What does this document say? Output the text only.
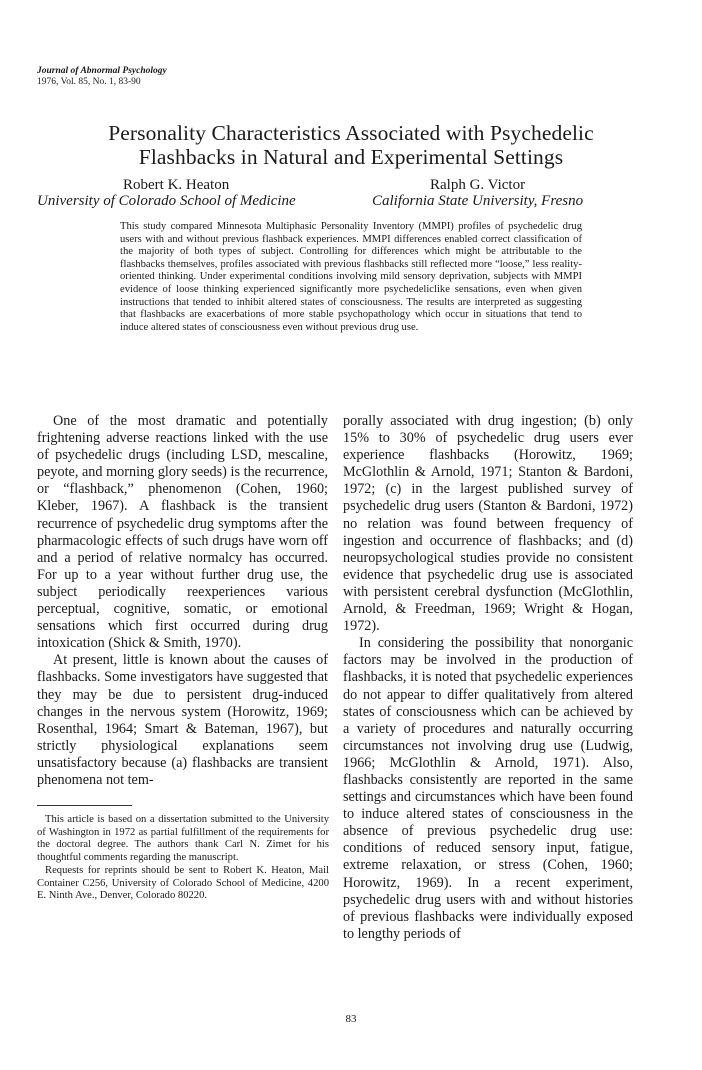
Journal of Abnormal Psychology
1976, Vol. 85, No. 1, 83-90
Personality Characteristics Associated with Psychedelic
Flashbacks in Natural and Experimental Settings
Robert K. Heaton	Ralph G. Victor
University of Colorado School of Medicine	California State University, Fresno
This study compared Minnesota Multiphasic Personality Inventory (MMPI) profiles of psychedelic drug users with and without previous flashback experiences. MMPI differences enabled correct classification of the majority of both types of subject. Controlling for differences which might be attributable to the flashbacks themselves, profiles associated with previous flashbacks still reflected more “loose,” less reality-oriented thinking. Under experimental conditions involving mild sensory deprivation, subjects with MMPI evidence of loose thinking experienced significantly more psychedeliclike sensations, even when given instructions that tended to inhibit altered states of consciousness. The results are interpreted as suggesting that flashbacks are exacerbations of more stable psychopathology which occur in situations that tend to induce altered states of consciousness even without previous drug use.

One of the most dramatic and potentially frightening adverse reactions linked with the use of psychedelic drugs (including LSD, mescaline, peyote, and morning glory seeds) is the recurrence, or “flashback,” phenomenon (Cohen, 1960; Kleber, 1967). A flashback is the transient recurrence of psychedelic drug symptoms after the pharmacologic effects of such drugs have worn off and a period of relative normalcy has occurred. For up to a year without further drug use, the subject periodically reexperiences various perceptual, cognitive, somatic, or emotional sensations which first occurred during drug intoxication (Shick & Smith, 1970).

At present, little is known about the causes of flashbacks. Some investigators have suggested that they may be due to persistent drug-induced changes in the nervous system (Horowitz, 1969; Rosenthal, 1964; Smart & Bateman, 1967), but strictly physiological explanations seem unsatisfactory because (a) flashbacks are transient phenomena not tem-

This article is based on a dissertation submitted to the University of Washington in 1972 as partial fulfillment of the requirements for the doctoral degree. The authors thank Carl N. Zimet for his thoughtful comments regarding the manuscript.

Requests for reprints should be sent to Robert K. Heaton, Mail Container C256, University of Colorado School of Medicine, 4200 E. Ninth Ave., Denver, Colorado 80220.

porally associated with drug ingestion; (b) only 15% to 30% of psychedelic drug users ever experience flashbacks (Horowitz, 1969; McGlothlin & Arnold, 1971; Stanton & Bardoni, 1972; (c) in the largest published survey of psychedelic drug users (Stanton & Bardoni, 1972) no relation was found between frequency of ingestion and occurrence of flashbacks; and (d) neuropsychological studies provide no consistent evidence that psychedelic drug use is associated with persistent cerebral dysfunction (McGlothlin, Arnold, & Freedman, 1969; Wright & Hogan, 1972).

In considering the possibility that nonorganic factors may be involved in the production of flashbacks, it is noted that psychedelic experiences do not appear to differ qualitatively from altered states of consciousness which can be achieved by a variety of procedures and naturally occurring circumstances not involving drug use (Ludwig, 1966; McGlothlin & Arnold, 1971). Also, flashbacks consistently are reported in the same settings and circumstances which have been found to induce altered states of consciousness in the absence of previous psychedelic drug use: conditions of reduced sensory input, fatigue, extreme relaxation, or stress (Cohen, 1960; Horowitz, 1969). In a recent experiment, psychedelic drug users with and without histories of previous flashbacks were individually exposed to lengthy periods of

83
